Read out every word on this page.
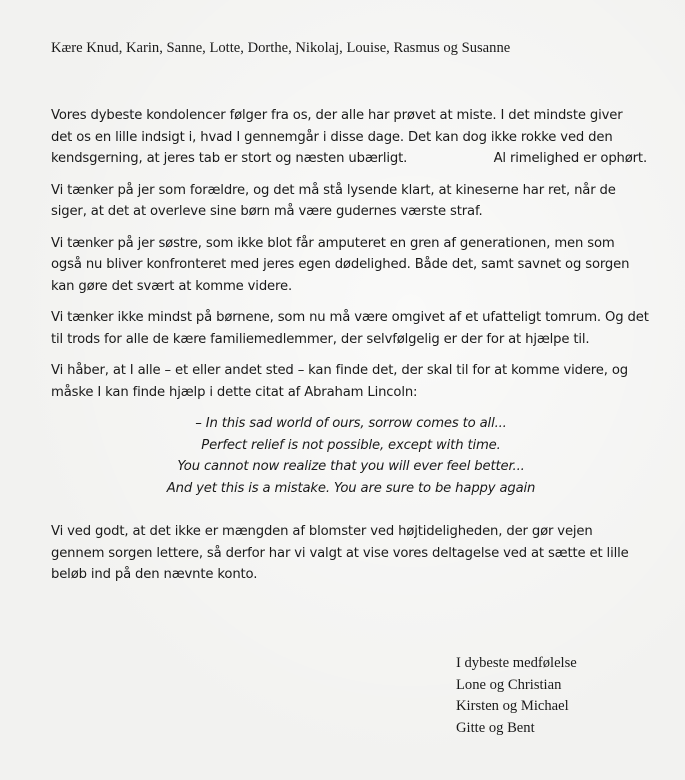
Kære Knud, Karin, Sanne, Lotte, Dorthe, Nikolaj, Louise, Rasmus og Susanne
Vores dybeste kondolencer følger fra os, der alle har prøvet at miste. I det mindste giver
det os en lille indsigt i, hvad I gennemgår i disse dage. Det kan dog ikke rokke ved den
kendsgerning, at jeres tab er stort og næsten ubærligt.	Al rimelighed er ophørt.
Vi tænker på jer som forældre, og det må stå lysende klart, at kineserne har ret, når de
siger, at det at overleve sine børn må være gudernes værste straf.
Vi tænker på jer søstre, som ikke blot får amputeret en gren af generationen, men som
også nu bliver konfronteret med jeres egen dødelighed. Både det, samt savnet og sorgen
kan gøre det svært at komme videre.
Vi tænker ikke mindst på børnene, som nu må være omgivet af et ufatteligt tomrum. Og det
til trods for alle de kære familiemedlemmer, der selvfølgelig er der for at hjælpe til.
Vi håber, at I alle – et eller andet sted – kan finde det, der skal til for at komme videre, og
måske I kan finde hjælp i dette citat af Abraham Lincoln:
– In this sad world of ours, sorrow comes to all...
Perfect relief is not possible, except with time.
You cannot now realize that you will ever feel better...
And yet this is a mistake. You are sure to be happy again
Vi ved godt, at det ikke er mængden af blomster ved højtideligheden, der gør vejen
gennem sorgen lettere, så derfor har vi valgt at vise vores deltagelse ved at sætte et lille
beløb ind på den nævnte konto.
I dybeste medfølelse
Lone og Christian
Kirsten og Michael
Gitte og Bent
